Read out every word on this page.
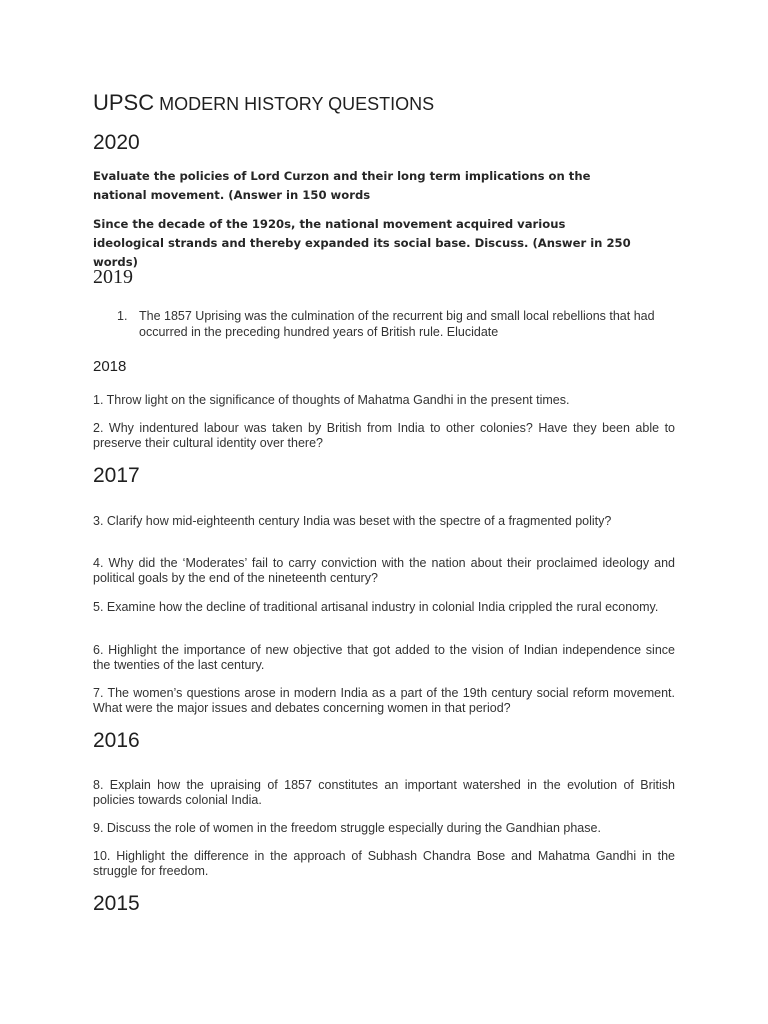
UPSC MODERN HISTORY QUESTIONS
2020
Evaluate the policies of Lord Curzon and their long term implications on the national movement. (Answer in 150 words
Since the decade of the 1920s, the national movement acquired various ideological strands and thereby expanded its social base. Discuss. (Answer in 250 words)
2019
1. The 1857 Uprising was the culmination of the recurrent big and small local rebellions that had occurred in the preceding hundred years of British rule. Elucidate
2018
1. Throw light on the significance of thoughts of Mahatma Gandhi in the present times.
2. Why indentured labour was taken by British from India to other colonies? Have they been able to preserve their cultural identity over there?
2017
3. Clarify how mid-eighteenth century India was beset with the spectre of a fragmented polity?
4. Why did the ‘Moderates’ fail to carry conviction with the nation about their proclaimed ideology and political goals by the end of the nineteenth century?
5. Examine how the decline of traditional artisanal industry in colonial India crippled the rural economy.
6. Highlight the importance of new objective that got added to the vision of Indian independence since the twenties of the last century.
7. The women’s questions arose in modern India as a part of the 19th century social reform movement. What were the major issues and debates concerning women in that period?
2016
8. Explain how the upraising of 1857 constitutes an important watershed in the evolution of British policies towards colonial India.
9. Discuss the role of women in the freedom struggle especially during the Gandhian phase.
10. Highlight the difference in the approach of Subhash Chandra Bose and Mahatma Gandhi in the struggle for freedom.
2015
